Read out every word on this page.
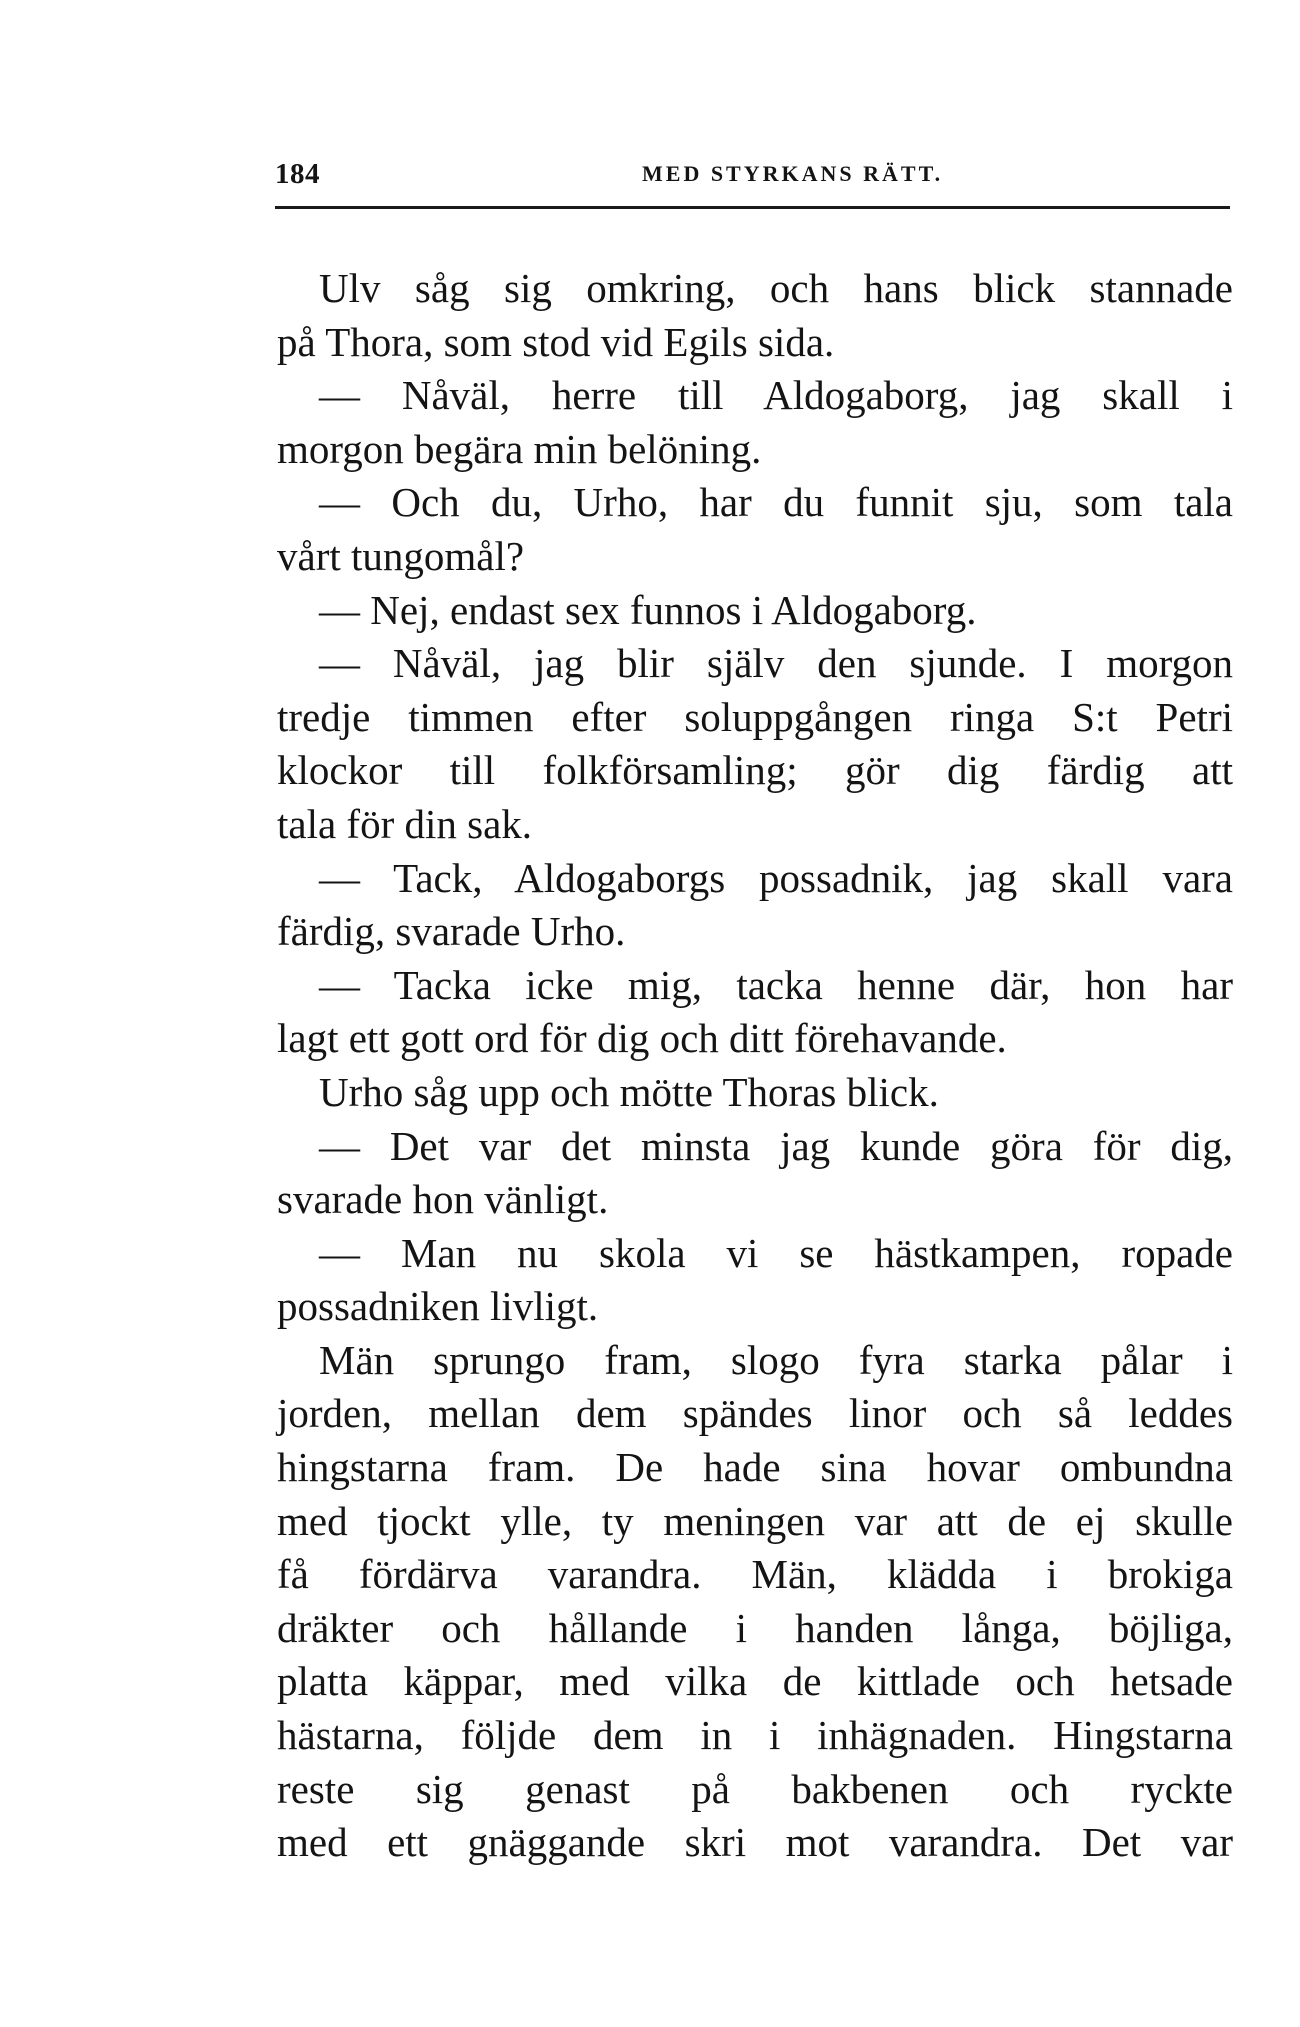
184	MED STYRKANS RÄTT.
Ulv såg sig omkring, och hans blick stannade
på Thora, som stod vid Egils sida.
— Nåväl, herre till Aldogaborg, jag skall i
morgon begära min belöning.
— Och du, Urho, har du funnit sju, som tala
vårt tungomål?
— Nej, endast sex funnos i Aldogaborg.
— Nåväl, jag blir själv den sjunde. I morgon
tredje timmen efter soluppgången ringa S:t Petri
klockor till folkförsamling; gör dig färdig att
tala för din sak.
— Tack, Aldogaborgs possadnik, jag skall vara
färdig, svarade Urho.
— Tacka icke mig, tacka henne där, hon har
lagt ett gott ord för dig och ditt förehavande.
Urho såg upp och mötte Thoras blick.
— Det var det minsta jag kunde göra för dig,
svarade hon vänligt.
— Man nu skola vi se hästkampen, ropade
possadniken livligt.
Män sprungo fram, slogo fyra starka pålar i
jorden, mellan dem spändes linor och så leddes
hingstarna fram. De hade sina hovar ombundna
med tjockt ylle, ty meningen var att de ej skulle
få fördärva varandra. Män, klädda i brokiga
dräkter och hållande i handen långa, böjliga,
platta käppar, med vilka de kittlade och hetsade
hästarna, följde dem in i inhägnaden. Hingstarna
reste sig genast på bakbenen och ryckte
med ett gnäggande skri mot varandra. Det var
